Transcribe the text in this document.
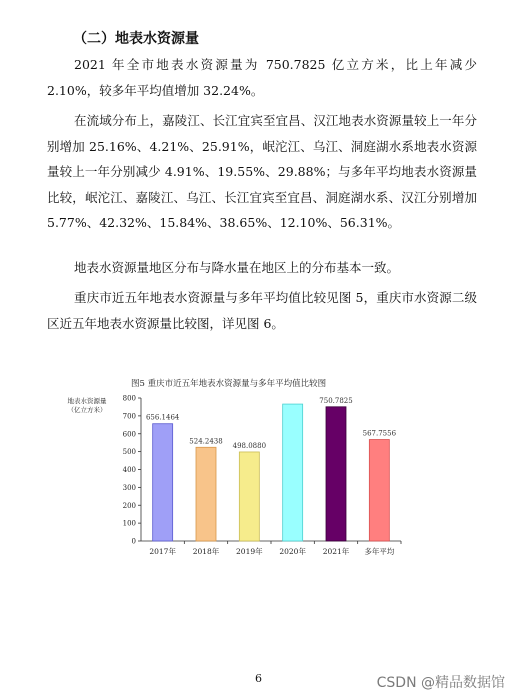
（二）地表水资源量

2021 年全市地表水资源量为 750.7825 亿立方米，比上年减少 2.10%，较多年平均值增加 32.24%。

在流域分布上，嘉陵江、长江宜宾至宜昌、汉江地表水资源量较上一年分别增加 25.16%、4.21%、25.91%，岷沱江、乌江、洞庭湖水系地表水资源量较上一年分别减少 4.91%、19.55%、29.88%；与多年平均地表水资源量比较，岷沱江、嘉陵江、乌江、长江宜宾至宜昌、洞庭湖水系、汉江分别增加 5.77%、42.32%、15.84%、38.65%、12.10%、56.31%。

地表水资源量地区分布与降水量在地区上的分布基本一致。

重庆市近五年地表水资源量与多年平均值比较见图 5，重庆市水资源二级区近五年地表水资源量比较图，详见图 6。

图5 重庆市近五年地表水资源量与多年平均值比较图
地表水资源量
（亿立方米）
0
100
200
300
400
500
600
700
800
2017年 2018年 2019年 2020年 2021年 多年平均
656.1464
524.2438
498.0880
750.7825
567.7556
6	CSDN @精品数据馆
